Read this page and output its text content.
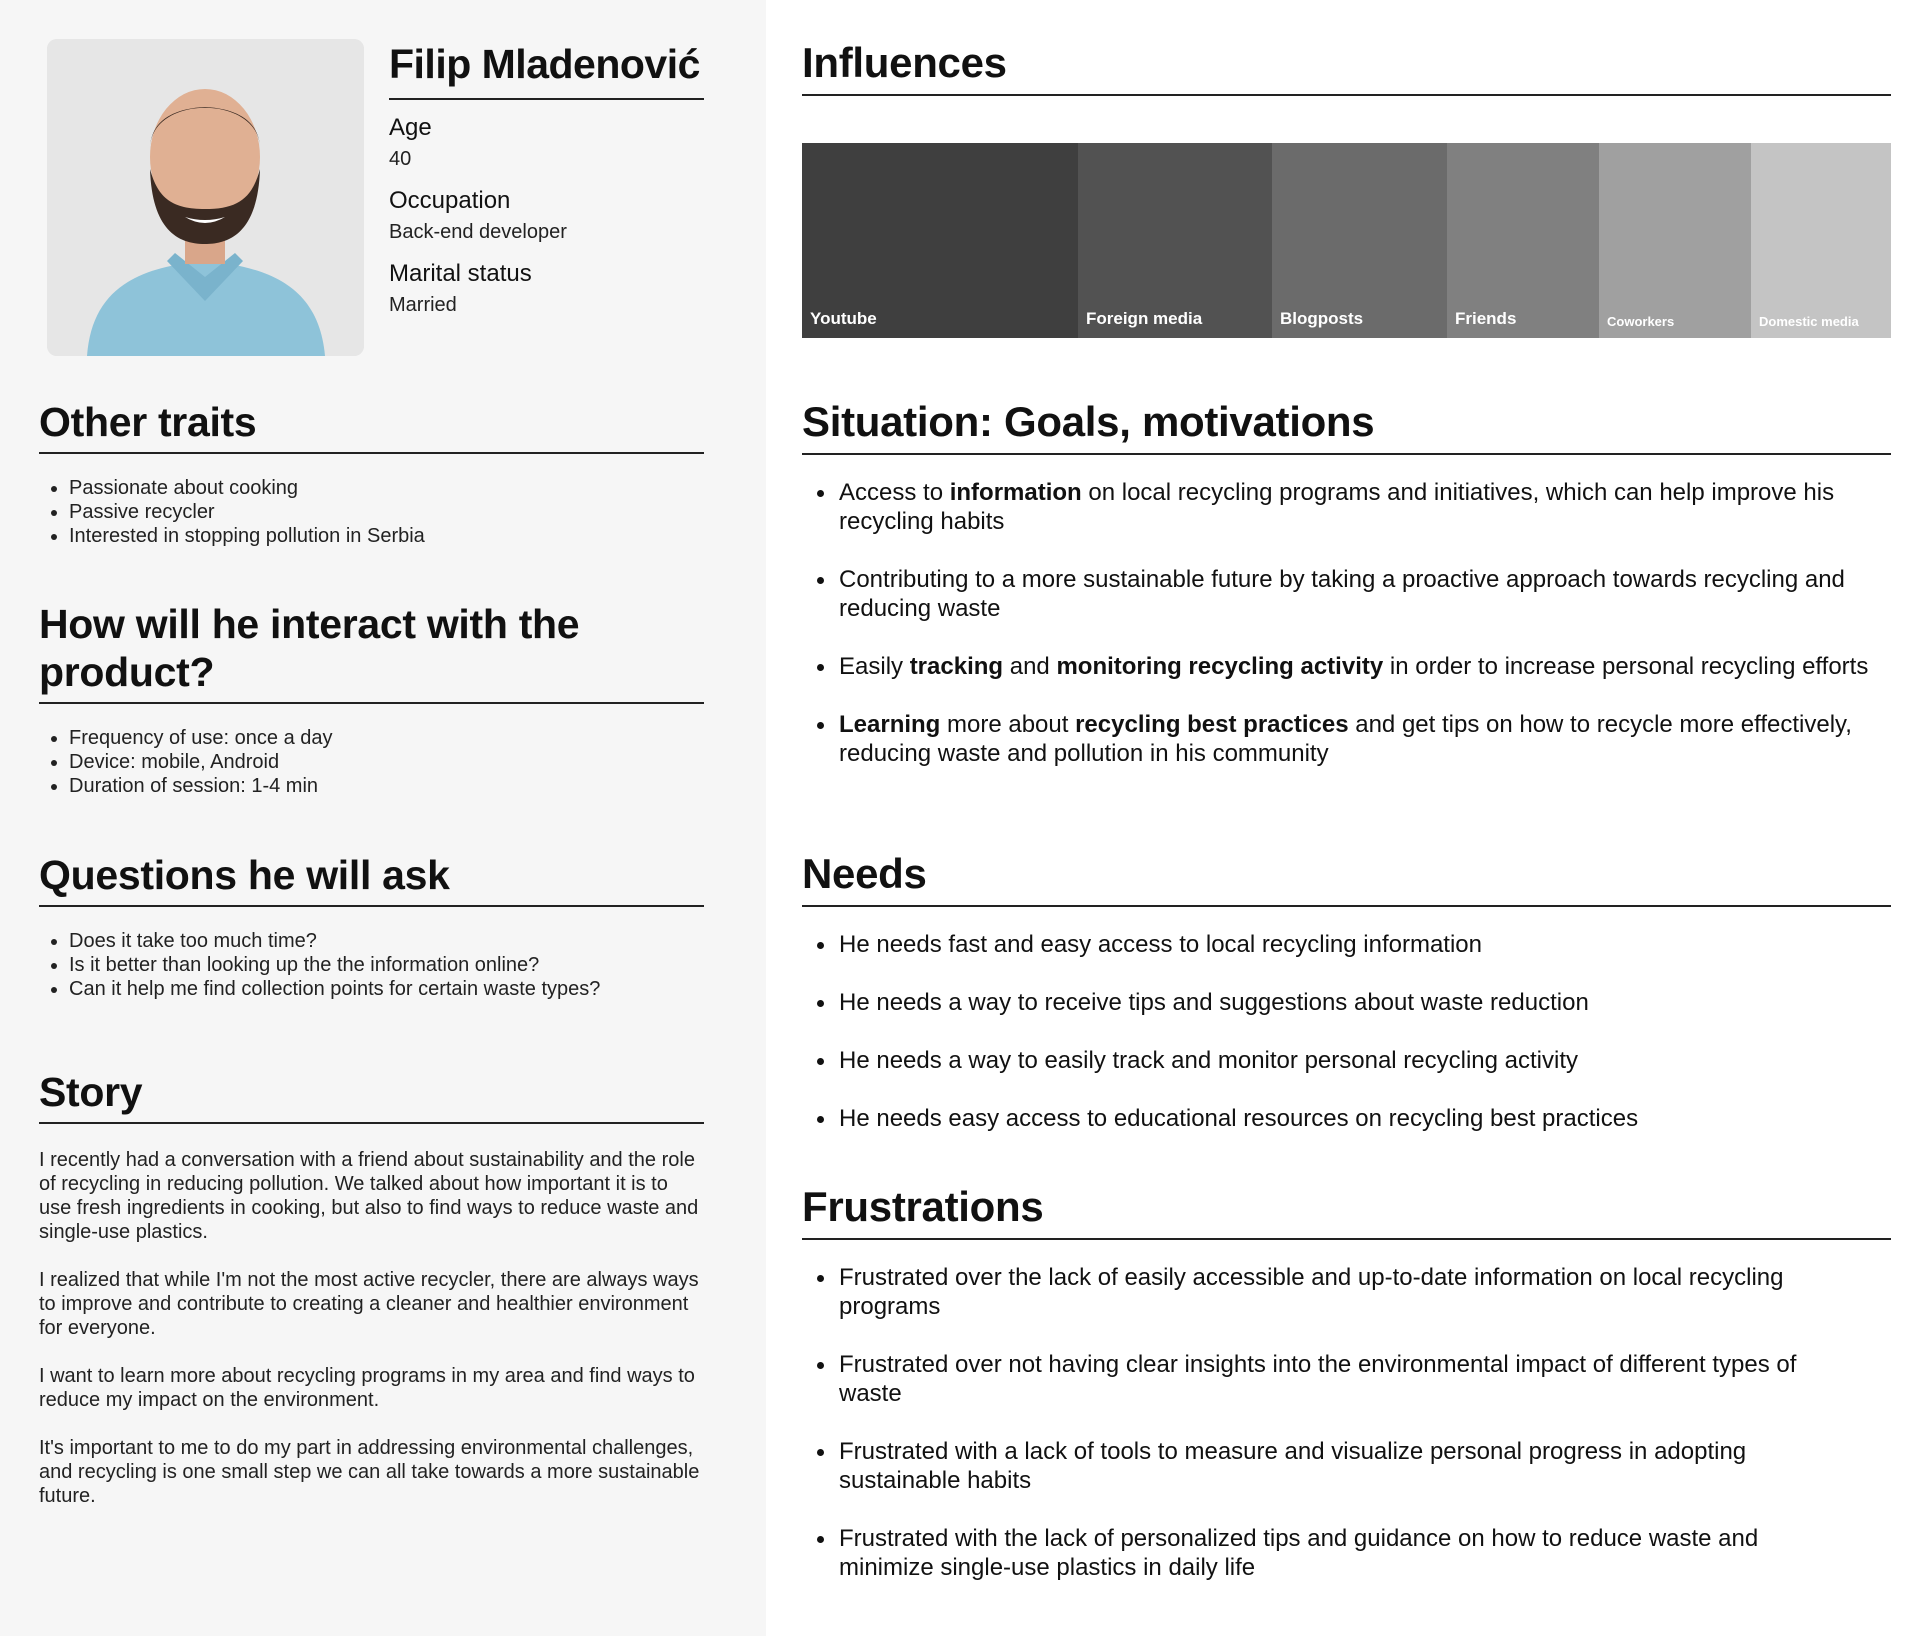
Filip Mladenović
Age
40
Occupation
Back-end developer
Marital status
Married
Other traits
Passionate about cooking
Passive recycler
Interested in stopping pollution in Serbia
How will he interact with the product?
Frequency of use: once a day
Device: mobile, Android
Duration of session: 1-4 min
Questions he will ask
Does it take too much time?
Is it better than looking up the the information online?
Can it help me find collection points for certain waste types?
Story

I recently had a conversation with a friend about sustainability and the role of recycling in reducing pollution. We talked about how important it is to use fresh ingredients in cooking, but also to find ways to reduce waste and single-use plastics.

I realized that while I'm not the most active recycler, there are always ways to improve and contribute to creating a cleaner and healthier environment for everyone.

I want to learn more about recycling programs in my area and find ways to reduce my impact on the environment.

It's important to me to do my part in addressing environmental challenges, and recycling is one small step we can all take towards a more sustainable future.

Influences
Youtube	Foreign media	Blogposts	Friends	Coworkers	Domestic media
Situation: Goals, motivations
Access to information on local recycling programs and initiatives, which can help improve his recycling habits
Contributing to a more sustainable future by taking a proactive approach towards recycling and reducing waste
Easily tracking and monitoring recycling activity in order to increase personal recycling efforts
Learning more about recycling best practices and get tips on how to recycle more effectively, reducing waste and pollution in his community
Needs
He needs fast and easy access to local recycling information
He needs a way to receive tips and suggestions about waste reduction
He needs a way to easily track and monitor personal recycling activity
He needs easy access to educational resources on recycling best practices
Frustrations
Frustrated over the lack of easily accessible and up-to-date information on local recycling programs
Frustrated over not having clear insights into the environmental impact of different types of waste
Frustrated with a lack of tools to measure and visualize personal progress in adopting sustainable habits
Frustrated with the lack of personalized tips and guidance on how to reduce waste and minimize single-use plastics in daily life
